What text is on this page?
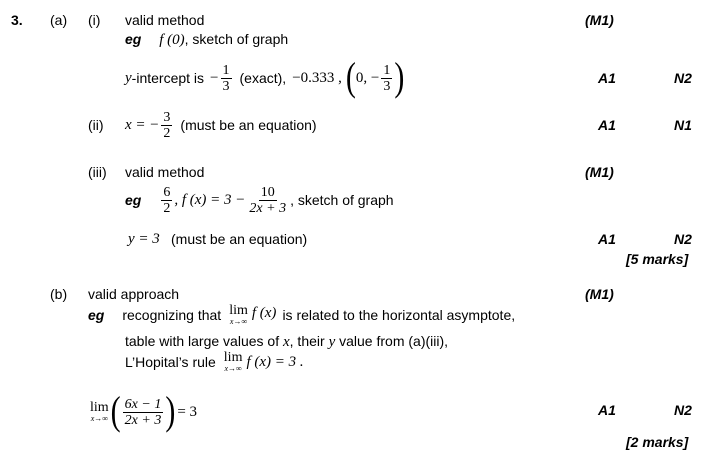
3. (a) (i) valid method	(M1)
eg f (0), sketch of graph
y -intercept is − $\frac{1}{3}$ (exact), −0.333 , ( 0, − $\frac{1}{3}$ )	A1	N2
(ii) x = − $\frac{3}{2}$ (must be an equation)	A1	N1
(iii) valid method	(M1)
eg $\frac{6}{2}$ , f $(x) = 3 - \frac{10}{2x + 3}$ , sketch of graph
y = 3 (must be an equation)	A1	N2
[5 marks]
(b) valid approach	(M1)
eg recognizing that lim
x→∞
f (x) is related to the horizontal asymptote,
table with large values of x, their y value from (a)(iii),
L’Hopital’s rule lim
x→∞ f (x) = 3 .
lim
x→∞ ( $\frac{6x - 1}{2x + 3}$ ) = 3	A1	N2
[2 marks]
